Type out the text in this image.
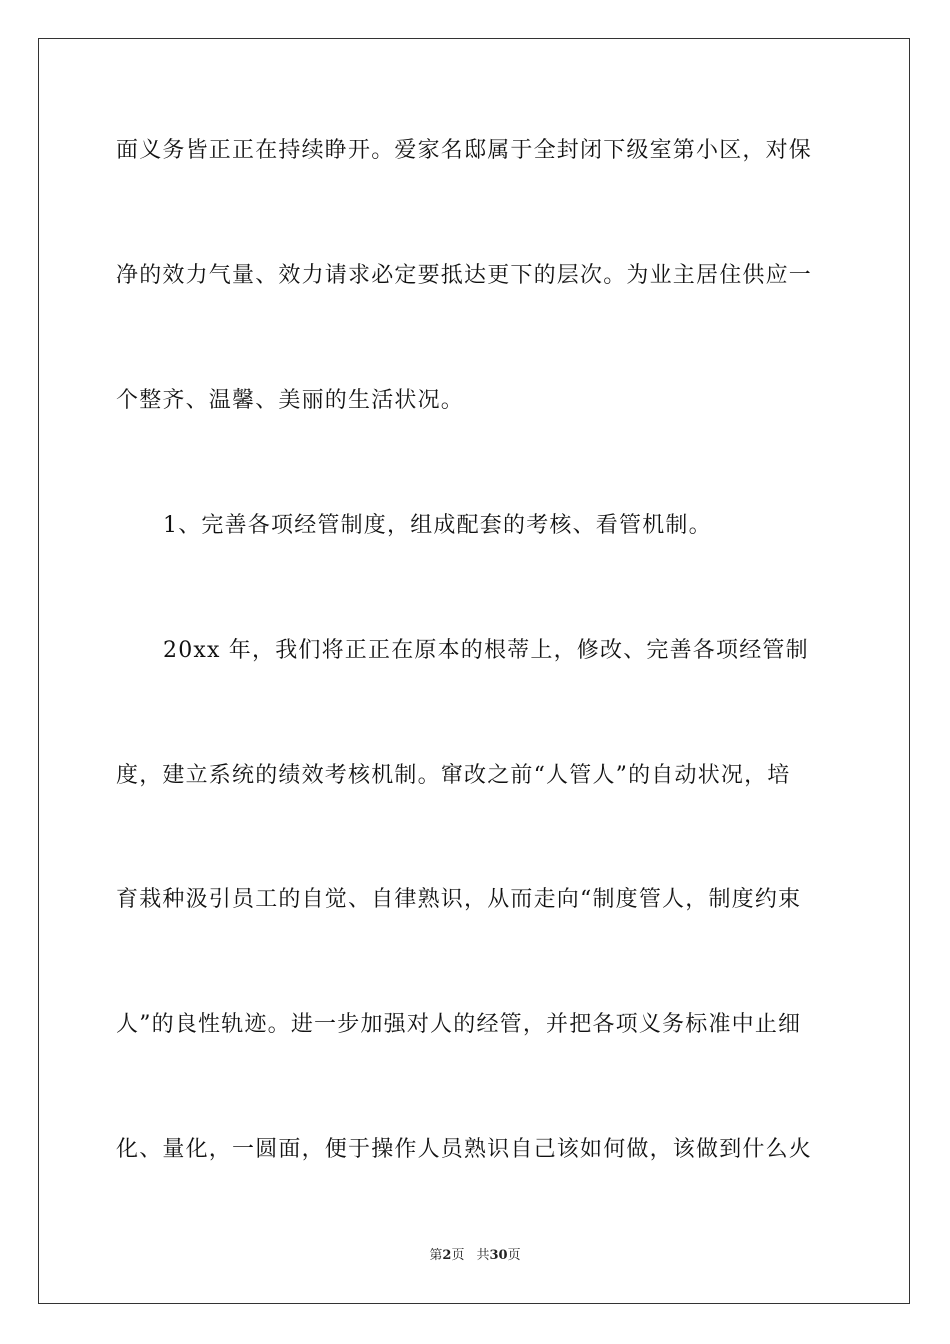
面义务皆正正在持续睁开。爱家名邸属于全封闭下级室第小区，对保
净的效力气量、效力请求必定要抵达更下的层次。为业主居住供应一
个整齐、温馨、美丽的生活状况。
1、完善各项经管制度，组成配套的考核、看管机制。
20xx 年，我们将正正在原本的根蒂上，修改、完善各项经管制
度，建立系统的绩效考核机制。窜改之前“人管人”的自动状况，培
育栽种汲引员工的自觉、自律熟识，从而走向“制度管人，制度约束
人”的良性轨迹。进一步加强对人的经管，并把各项义务标准中止细
化、量化，一圆面，便于操作人员熟识自己该如何做，该做到什么火
第2页 共30页
